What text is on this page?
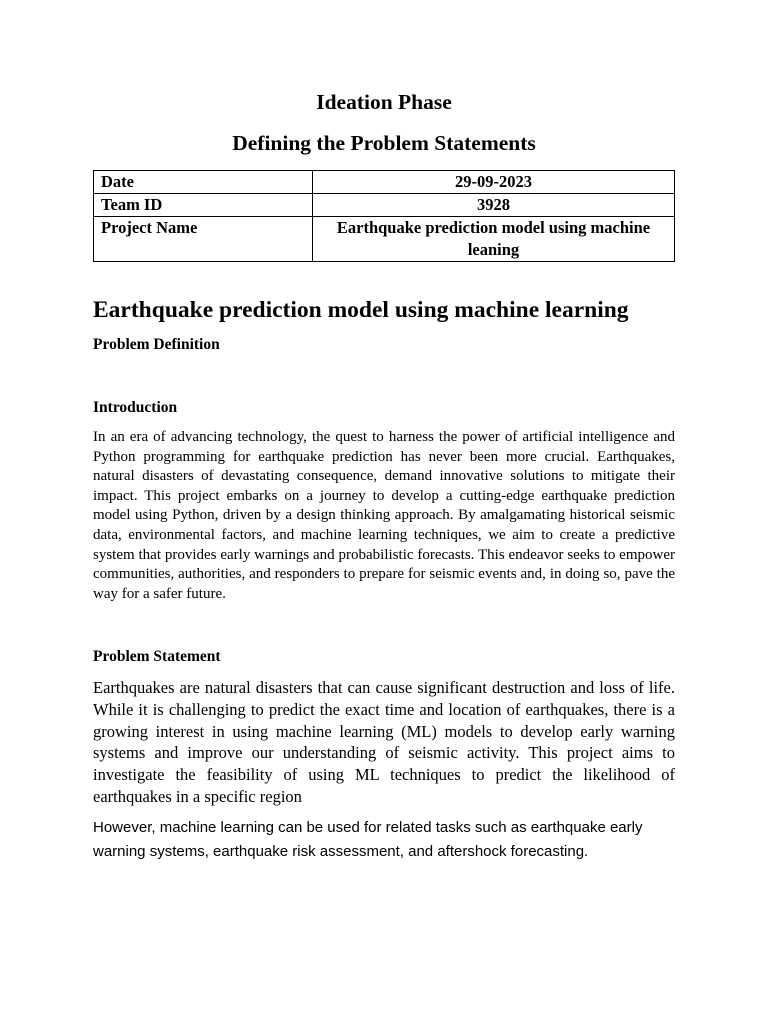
Ideation Phase
Defining the Problem Statements
Date	29-09-2023
Team ID	3928
Project Name	Earthquake prediction model using machine leaning
Earthquake prediction model using machine learning
Problem Definition
Introduction

In an era of advancing technology, the quest to harness the power of artificial intelligence and Python programming for earthquake prediction has never been more crucial. Earthquakes, natural disasters of devastating consequence, demand innovative solutions to mitigate their impact. This project embarks on a journey to develop a cutting-edge earthquake prediction model using Python, driven by a design thinking approach. By amalgamating historical seismic data, environmental factors, and machine learning techniques, we aim to create a predictive system that provides early warnings and probabilistic forecasts. This endeavor seeks to empower communities, authorities, and responders to prepare for seismic events and, in doing so, pave the way for a safer future.

Problem Statement

Earthquakes are natural disasters that can cause significant destruction and loss of life. While it is challenging to predict the exact time and location of earthquakes, there is a growing interest in using machine learning (ML) models to develop early warning systems and improve our understanding of seismic activity. This project aims to investigate the feasibility of using ML techniques to predict the likelihood of earthquakes in a specific region

However, machine learning can be used for related tasks such as earthquake early warning systems, earthquake risk assessment, and aftershock forecasting.
